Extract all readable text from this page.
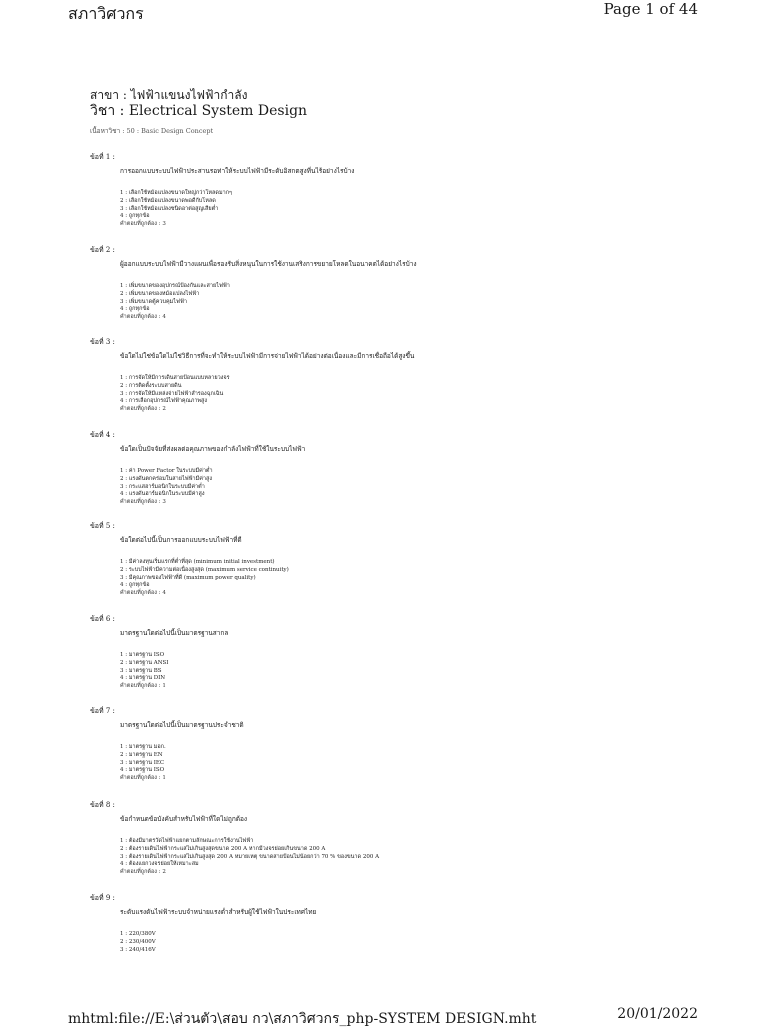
สภาวิศวกร	Page 1 of 44
สาขา : ไฟฟ้าแขนงไฟฟ้ากำลัง
วิชา : Electrical System Design
เนื้อหาวิชา : 50 : Basic Design Concept
ข้อที่ 1 :
การออกแบบระบบไฟฟ้าประสานรอท่าให้ระบบไฟฟ้ามีระดับอิสกตสูงที่นไร้อย่างไรบ้าง
1 : เลือกใช้หม้อแปลงขนาดใหญ่กว่าโหลดมากๆ
2 : เลือกใช้หม้อแปลงขนาดพอดีกับโหลด
3 : เลือกใช้หม้อแปลงชนิดอาต่อสูญเสียต่ำ
4 : ถูกทุกข้อ
คำตอบที่ถูกต้อง : 3
ข้อที่ 2 :
ผู้ออกแบบระบบไฟฟ้ามีวางแผนเพื่อรองรับสิ่งหนุนในการใช้งานเสริงการขยายโหลดในอนาคตได้อย่างไรบ้าง
1 : เพิ่มขนาดของอุปกรณ์ป้องกันและสายไฟฟ้า
2 : เพิ่มขนาดของหม้อแปลงไฟฟ้า
3 : เพิ่มขนาดตู้ควบคุมไฟฟ้า
4 : ถูกทุกข้อ
คำตอบที่ถูกต้อง : 4
ข้อที่ 3 :
ข้อใดไม่ใช่ข้อใดไม่ใช่วิธีการที่จะทำให้ระบบไฟฟ้ามีการจ่ายไฟฟ้าได้อย่างต่อเนื่องและมีการเชื่อถือได้สูงขึ้น
1 : การจัดให้มีการเดินสายป้อนแบบหลายวงจร
2 : การติดตั้งระบบสายดิน
3 : การจัดให้มีแหล่งจ่ายไฟฟ้าสำรองฉุกเฉิน
4 : การเลือกอุปกรณ์ไฟฟ้าคุณภาพสูง
คำตอบที่ถูกต้อง : 2
ข้อที่ 4 :
ข้อใดเป็นปัจจัยที่ส่งผลต่อคุณภาพของกำลังไฟฟ้าที่ใช้ในระบบไฟฟ้า
1 : ค่า Power Factor ในระบบมีค่าต่ำ
2 : แรงดันตกคร่อมในสายไฟฟ้ามีค่าสูง
3 : กระแสฮาร์มอนิกในระบบมีค่าต่ำ
4 : แรงดันฮาร์มอนิกในระบบมีค่าสูง
คำตอบที่ถูกต้อง : 3
ข้อที่ 5 :
ข้อใดต่อไปนี้เป็นการออกแบบระบบไฟฟ้าที่ดี
1 : มีค่าลงทุนเริ่มแรกที่ต่ำที่สุด (minimum initial investment)
2 : ระบบไฟฟ้ามีความต่อเนื่องสูงสุด (maximum service continuity)
3 : มีคุณภาพของไฟฟ้าที่ดี (maximum power quality)
4 : ถูกทุกข้อ
คำตอบที่ถูกต้อง : 4
ข้อที่ 6 :
มาตรฐานใดต่อไปนี้เป็นมาตรฐานสากล
1 : มาตรฐาน ISO
2 : มาตรฐาน ANSI
3 : มาตรฐาน BS
4 : มาตรฐาน DIN
คำตอบที่ถูกต้อง : 1
ข้อที่ 7 :
มาตรฐานใดต่อไปนี้เป็นมาตรฐานประจำชาติ
1 : มาตรฐาน มอก.
2 : มาตรฐาน EN
3 : มาตรฐาน IEC
4 : มาตรฐาน ISO
คำตอบที่ถูกต้อง : 1
ข้อที่ 8 :
ข้อกำหนดข้อบังคับสำหรับไฟฟ้าที่ใดไม่ถูกต้อง
1 : ต้องมีมาตรวัดไฟฟ้าแยกตามลักษณะการใช้งานไฟฟ้า
2 : ต้องรายเดินไฟฟ้ากระแสไม่เกินสูงสุดขนาด 200 A หากมีวงจรย่อยเกินขนาด 200 A
3 : ต้องรายเดินไฟฟ้ากระแสไม่เกินสูงสุด 200 A หมายเหตุ ขนาดสายป้อนไม่น้อยกว่า 70 % ของขนาด 200 A
4 : ต้องแยกวงจรย่อยให้เหมาะสม
คำตอบที่ถูกต้อง : 2
ข้อที่ 9 :
ระดับแรงดันไฟฟ้าระบบจำหน่ายแรงต่ำสำหรับผู้ใช้ไฟฟ้าในประเทศไทย
1 : 220/380V
2 : 230/400V
3 : 240/416V
mhtml:file://E:\ส่วนตัว\สอบ กว\สภาวิศวกร_php-SYSTEM DESIGN.mht	20/01/2022
